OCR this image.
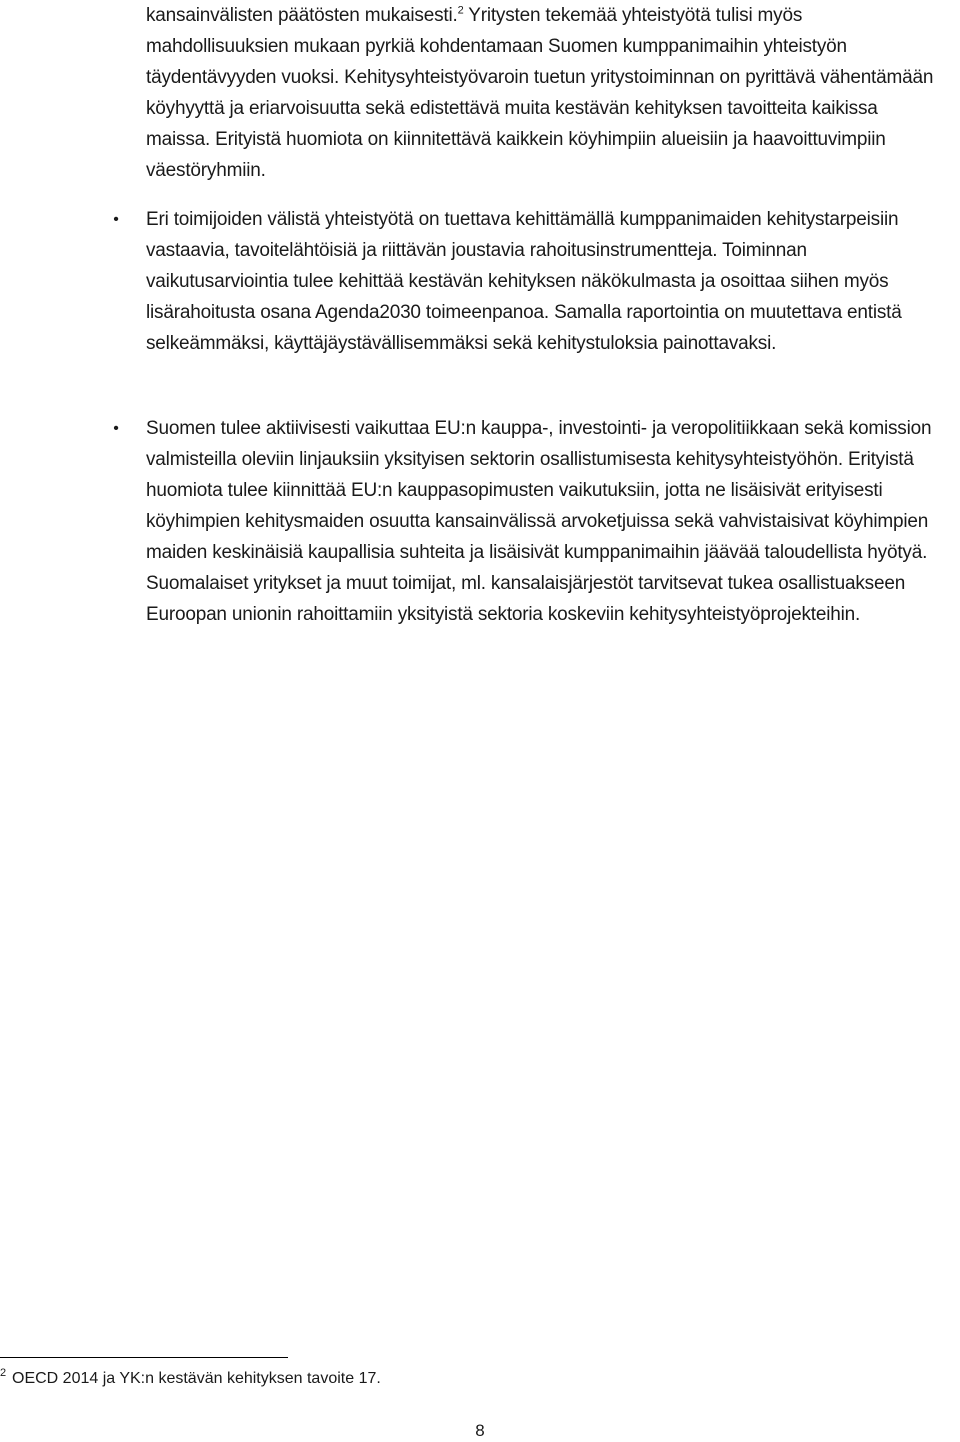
kansainvälisten päätösten mukaisesti.$^2$ Yritysten tekemää yhteistyötä tulisi myös mahdollisuuksien mukaan pyrkiä kohdentamaan Suomen kumppanimaihin yhteistyön täydentävyyden vuoksi. Kehitysyhteistyövaroin tuetun yritystoiminnan on pyrittävä vähentämään köyhyyttä ja eriarvoisuutta sekä edistettävä muita kestävän kehityksen tavoitteita kaikissa maissa. Erityistä huomiota on kiinnitettävä kaikkein köyhimpiin alueisiin ja haavoittuvimpiin väestöryhmiin.
•	Eri toimijoiden välistä yhteistyötä on tuettava kehittämällä kumppanimaiden kehitystarpeisiin vastaavia, tavoitelähtöisiä ja riittävän joustavia rahoitusinstrumentteja. Toiminnan vaikutusarviointia tulee kehittää kestävän kehityksen näkökulmasta ja osoittaa siihen myös lisärahoitusta osana Agenda2030 toimeenpanoa. Samalla raportointia on muutettava entistä selkeämmäksi, käyttäjäystävällisemmäksi sekä kehitystuloksia painottavaksi.
•	Suomen tulee aktiivisesti vaikuttaa EU:n kauppa-, investointi- ja veropolitiikkaan sekä komission valmisteilla oleviin linjauksiin yksityisen sektorin osallistumisesta kehitysyhteistyöhön. Erityistä huomiota tulee kiinnittää EU:n kauppasopimusten vaikutuksiin, jotta ne lisäisivät erityisesti köyhimpien kehitysmaiden osuutta kansainvälissä arvoketjuissa sekä vahvistaisivat köyhimpien maiden keskinäisiä kaupallisia suhteita ja lisäisivät kumppanimaihin jäävää taloudellista hyötyä. Suomalaiset yritykset ja muut toimijat, ml. kansalaisjärjestöt tarvitsevat tukea osallistuakseen Euroopan unionin rahoittamiin yksityistä sektoria koskeviin kehitysyhteistyöprojekteihin.
2 OECD 2014 ja YK:n kestävän kehityksen tavoite 17.
8
